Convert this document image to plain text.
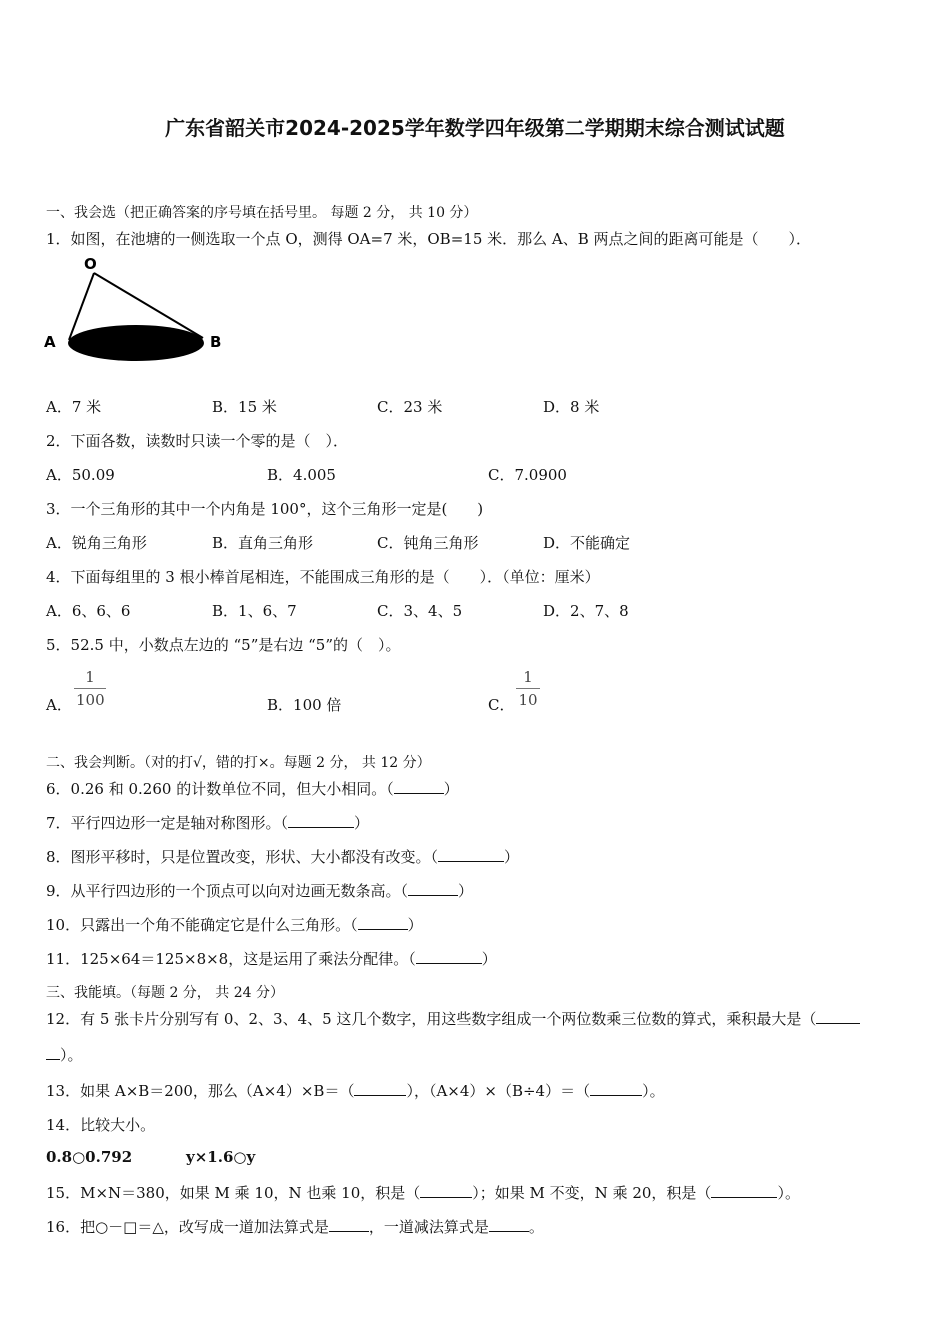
广东省韶关市2024-2025学年数学四年级第二学期期末综合测试试题
一、我会选（把正确答案的序号填在括号里。 每题 2 分， 共 10 分）
1．如图，在池塘的一侧选取一个点 O，测得 OA=7 米，OB=15 米．那么 A、B 两点之间的距离可能是（　　）．
O
A	B
A．7 米	B．15 米	C．23 米	D．8 米
2．下面各数，读数时只读一个零的是（　）．
A．50.09	B．4.005	C．7.0900
3．一个三角形的其中一个内角是 100°，这个三角形一定是(　　)
A．锐角三角形	B．直角三角形	C．钝角三角形	D．不能确定
4．下面每组里的 3 根小棒首尾相连，不能围成三角形的是（　　）．（单位：厘米）
A．6、6、6	B．1、6、7	C．3、4、5	D．2、7、8
5．52.5 中，小数点左边的 “5”是右边 “5”的（　）。
A．
1
100	B．100 倍	C．
1
10
二、我会判断。（对的打√，错的打×。每题 2 分， 共 12 分）
6．0.26 和 0.260 的计数单位不同，但大小相同。（	）
7．平行四边形一定是轴对称图形。（	）
8．图形平移时，只是位置改变，形状、大小都没有改变。（	）
9．从平行四边形的一个顶点可以向对边画无数条高。（	）
10．只露出一个角不能确定它是什么三角形。（	）
11．125×64＝125×8×8，这是运用了乘法分配律。（	）
三、我能填。（每题 2 分， 共 24 分）
12．有 5 张卡片分别写有 0、2、3、4、5 这几个数字，用这些数字组成一个两位数乘三位数的算式，乘积最大是（
）。
13．如果 A×B＝200，那么（A×4）×B＝（	），（A×4）×（B÷4）＝（	）。
14．比较大小。
0.8○0.792	y×1.6○y
15．M×N＝380，如果 M 乘 10，N 也乘 10，积是（	）；如果 M 不变，N 乘 20，积是（	）。
16．把○－□＝△，改写成一道加法算式是	，一道减法算式是	。
